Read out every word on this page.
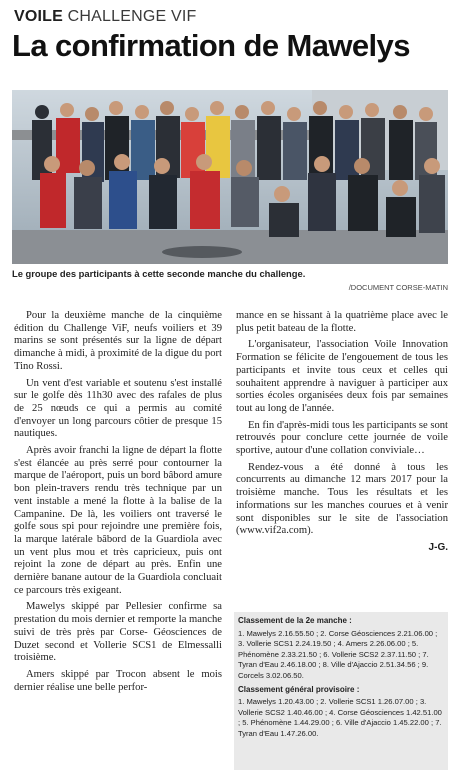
VOILE CHALLENGE VIF
La confirmation de Mawelys
Le groupe des participants à cette seconde manche du challenge.
/DOCUMENT CORSE-MATIN

Pour la deuxième manche de la cinquième édition du Challenge ViF, neufs voiliers et 39 marins se sont présentés sur la ligne de départ dimanche à midi, à proximité de la digue du port Tino Rossi.

Un vent d'est variable et soutenu s'est installé sur le golfe dès 11h30 avec des rafales de plus de 25 nœuds ce qui a permis au comité d'envoyer un long parcours côtier de presque 15 nautiques.

Après avoir franchi la ligne de départ la flotte s'est élancée au près serré pour contourner la marque de l'aéroport, puis un bord bâbord amure bon plein-travers rendu très technique par un vent instable a mené la flotte à la balise de la Campanine. De là, les voiliers ont traversé le golfe sous spi pour rejoindre une première fois, la marque latérale bâbord de la Guardiola avec un vent plus mou et très capricieux, puis ont rejoint la zone de départ au près. Enfin une dernière banane autour de la Guardiola concluait ce parcours très exigeant.

Mawelys skippé par Pellesier confirme sa prestation du mois dernier et remporte la manche suivi de très près par Corse- Géosciences de Duzet second et Vollerie SCS1 de Elmessalli troisième.

Amers skippé par Trocon absent le mois dernier réalise une belle perfor-

mance en se hissant à la quatrième place avec le plus petit bateau de la flotte.

L'organisateur, l'association Voile Innovation Formation se félicite de l'engouement de tous les participants et invite tous ceux et celles qui souhaitent apprendre à naviguer à participer aux sorties écoles organisées deux fois par semaines tout au long de l'année.

En fin d'après-midi tous les participants se sont retrouvés pour conclure cette journée de voile sportive, autour d'une collation conviviale…

Rendez-vous a été donné à tous les concurrents au dimanche 12 mars 2017 pour la troisième manche. Tous les résultats et les informations sur les manches courues et à venir sont disponibles sur le site de l'association (www.vif2a.com).

J-G.
Classement de la 2e manche :
1. Mawelys 2.16.55.50 ; 2. Corse Géosciences 2.21.06.00 ; 3. Vollerie SCS1 2.24.19.50 ; 4. Amers 2.26.06.00 ; 5. Phénomène 2.33.21.50 ; 6. Vollerie SCS2 2.37.11.50 ; 7. Tyran d'Eau 2.46.18.00 ; 8. Ville d'Ajaccio 2.51.34.56 ; 9. Corcels 3.02.06.50.
Classement général provisoire :
1. Mawelys 1.20.43.00 ; 2. Vollerie SCS1 1.26.07.00 ; 3. Vollerie SCS2 1.40.46.00 ; 4. Corse Géosciences 1.42.51.00 ; 5. Phénomène 1.44.29.00 ; 6. Ville d'Ajaccio 1.45.22.00 ; 7. Tyran d'Eau 1.47.26.00.
